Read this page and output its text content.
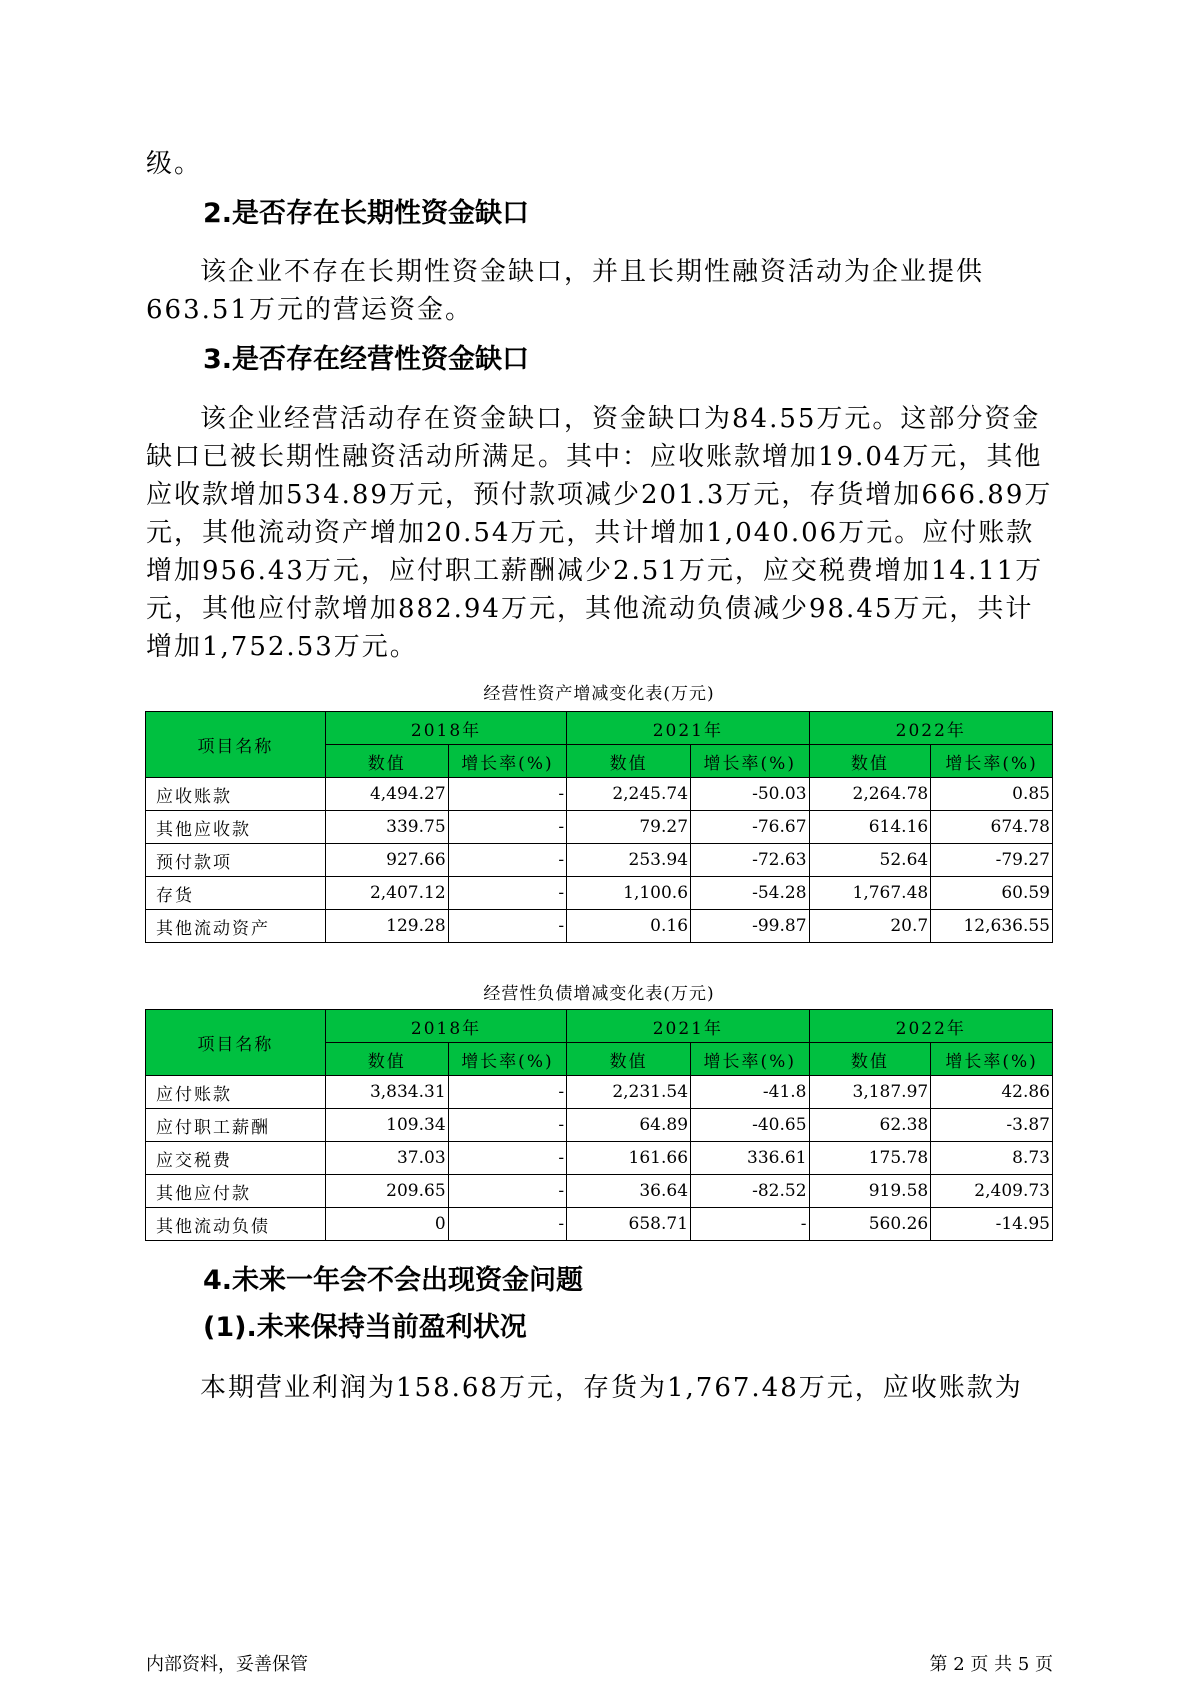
级。

2.是否存在长期性资金缺口

该企业不存在长期性资金缺口，并且长期性融资活动为企业提供663.51万元的营运资金。

3.是否存在经营性资金缺口

该企业经营活动存在资金缺口，资金缺口为84.55万元。这部分资金缺口已被长期性融资活动所满足。其中：应收账款增加19.04万元，其他应收款增加534.89万元，预付款项减少201.3万元，存货增加666.89万元，其他流动资产增加20.54万元，共计增加1,040.06万元。应付账款增加956.43万元，应付职工薪酬减少2.51万元，应交税费增加14.11万元，其他应付款增加882.94万元，其他流动负债减少98.45万元，共计增加1,752.53万元。

经营性资产增减变化表(万元)
项目名称	2018年		2021年		2022年	
	数值	增长率(%)	数值	增长率(%)	数值	增长率(%)
应收账款	4,494.27	-	2,245.74	-50.03	2,264.78	0.85
其他应收款	339.75	-	79.27	-76.67	614.16	674.78
预付款项	927.66	-	253.94	-72.63	52.64	-79.27
存货	2,407.12	-	1,100.6	-54.28	1,767.48	60.59
其他流动资产	129.28	-	0.16	-99.87	20.7	12,636.55
经营性负债增减变化表(万元)
项目名称	2018年		2021年		2022年	
	数值	增长率(%)	数值	增长率(%)	数值	增长率(%)
应付账款	3,834.31	-	2,231.54	-41.8	3,187.97	42.86
应付职工薪酬	109.34	-	64.89	-40.65	62.38	-3.87
应交税费	37.03	-	161.66	336.61	175.78	8.73
其他应付款	209.65	-	36.64	-82.52	919.58	2,409.73
其他流动负债	0	-	658.71	-	560.26	-14.95
4.未来一年会不会出现资金问题
(1).未来保持当前盈利状况

本期营业利润为158.68万元，存货为1,767.48万元，应收账款为

内部资料，妥善保管	第 2 页 共 5 页
